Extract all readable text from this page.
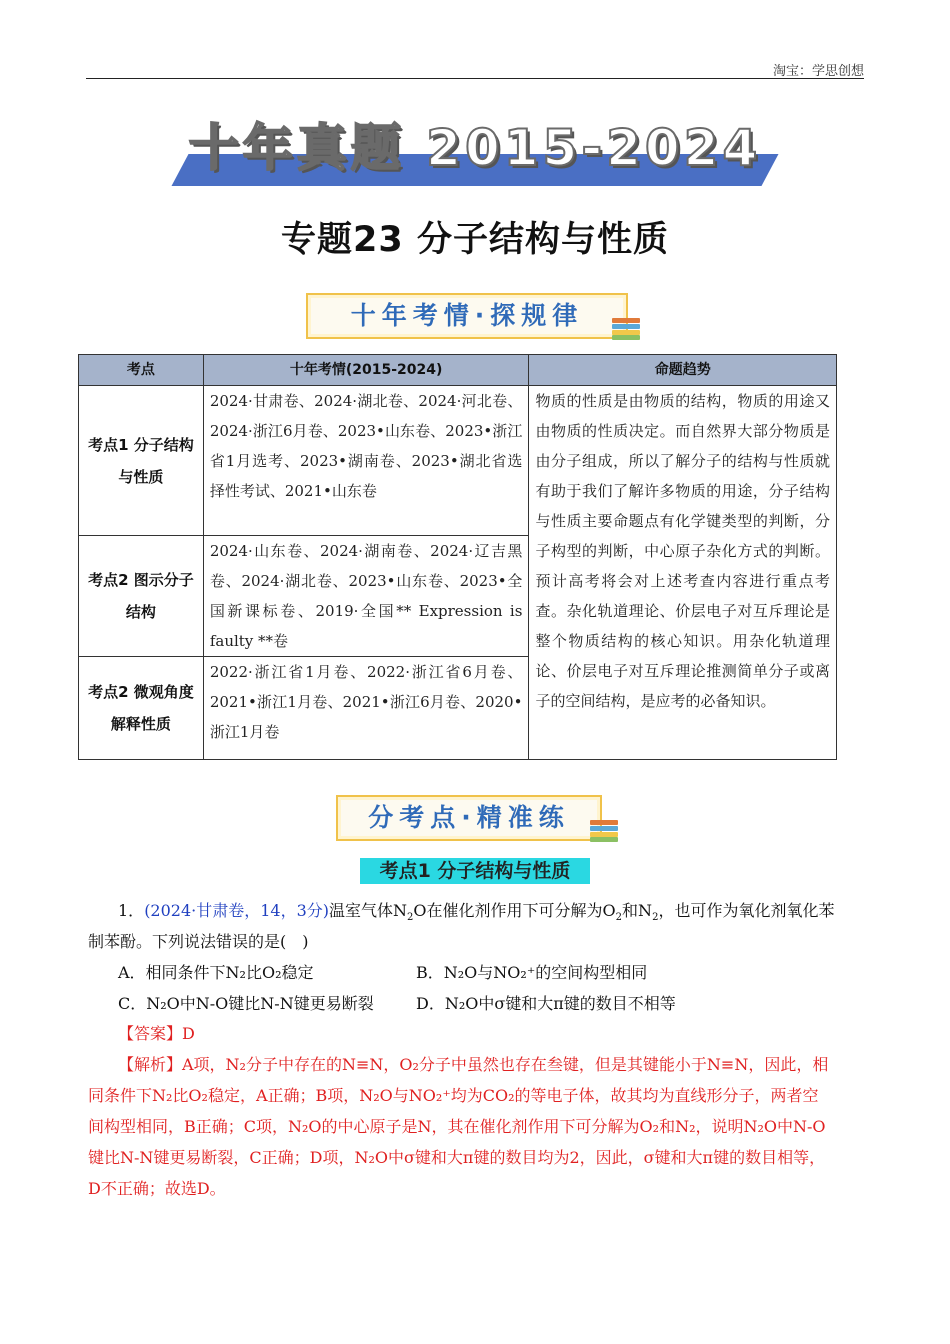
淘宝：学思创想
十年真题 2015-2024
专题23 分子结构与性质
十年考情·探规律
考点	十年考情(2015-2024)	命题趋势
考点1 分子结构与性质	2024·甘肃卷、2024·湖北卷、2024·河北卷、2024·浙江6月卷、2023•山东卷、2023•浙江省1月选考、2023•湖南卷、2023•湖北省选择性考试、2021•山东卷	物质的性质是由物质的结构，物质的用途又由物质的性质决定。而自然界大部分物质是由分子组成，所以了解分子的结构与性质就有助于我们了解许多物质的用途，分子结构与性质主要命题点有化学键类型的判断，分子构型的判断，中心原子杂化方式的判断。预计高考将会对上述考查内容进行重点考查。杂化轨道理论、价层电子对互斥理论是整个物质结构的核心知识。用杂化轨道理论、价层电子对互斥理论推测简单分子或离子的空间结构，是应考的必备知识。
考点2 图示分子结构	2024·山东卷、2024·湖南卷、2024·辽吉黑卷、2024·湖北卷、2023•山东卷、2023•全国新课标卷、2019·全国** Expression is faulty **卷	
考点2 微观角度解释性质	2022·浙江省1月卷、2022·浙江省6月卷、2021•浙江1月卷、2021•浙江6月卷、2020•浙江1月卷	
分考点·精准练
考点1 分子结构与性质
1．(2024·甘肃卷，14，3分)温室气体$N_2O$在催化剂作用下可分解为$O_2$和$N_2$，也可作为氧化剂氧化苯
制苯酚。下列说法错误的是(　)
A．相同条件下N₂比O₂稳定	B．N₂O与NO₂⁺的空间构型相同
C．N₂O中N-O键比N-N键更易断裂	D．N₂O中σ键和大π键的数目不相等
【答案】D
【解析】A项，N₂分子中存在的N≡N，O₂分子中虽然也存在叁键，但是其键能小于N≡N，因此，相
同条件下N₂比O₂稳定，A正确；B项，N₂O与NO₂⁺均为CO₂的等电子体，故其均为直线形分子，两者空
间构型相同，B正确；C项，N₂O的中心原子是N，其在催化剂作用下可分解为O₂和N₂，说明N₂O中N-O
键比N-N键更易断裂，C正确；D项，N₂O中σ键和大π键的数目均为2，因此，σ键和大π键的数目相等，
D不正确；故选D。
